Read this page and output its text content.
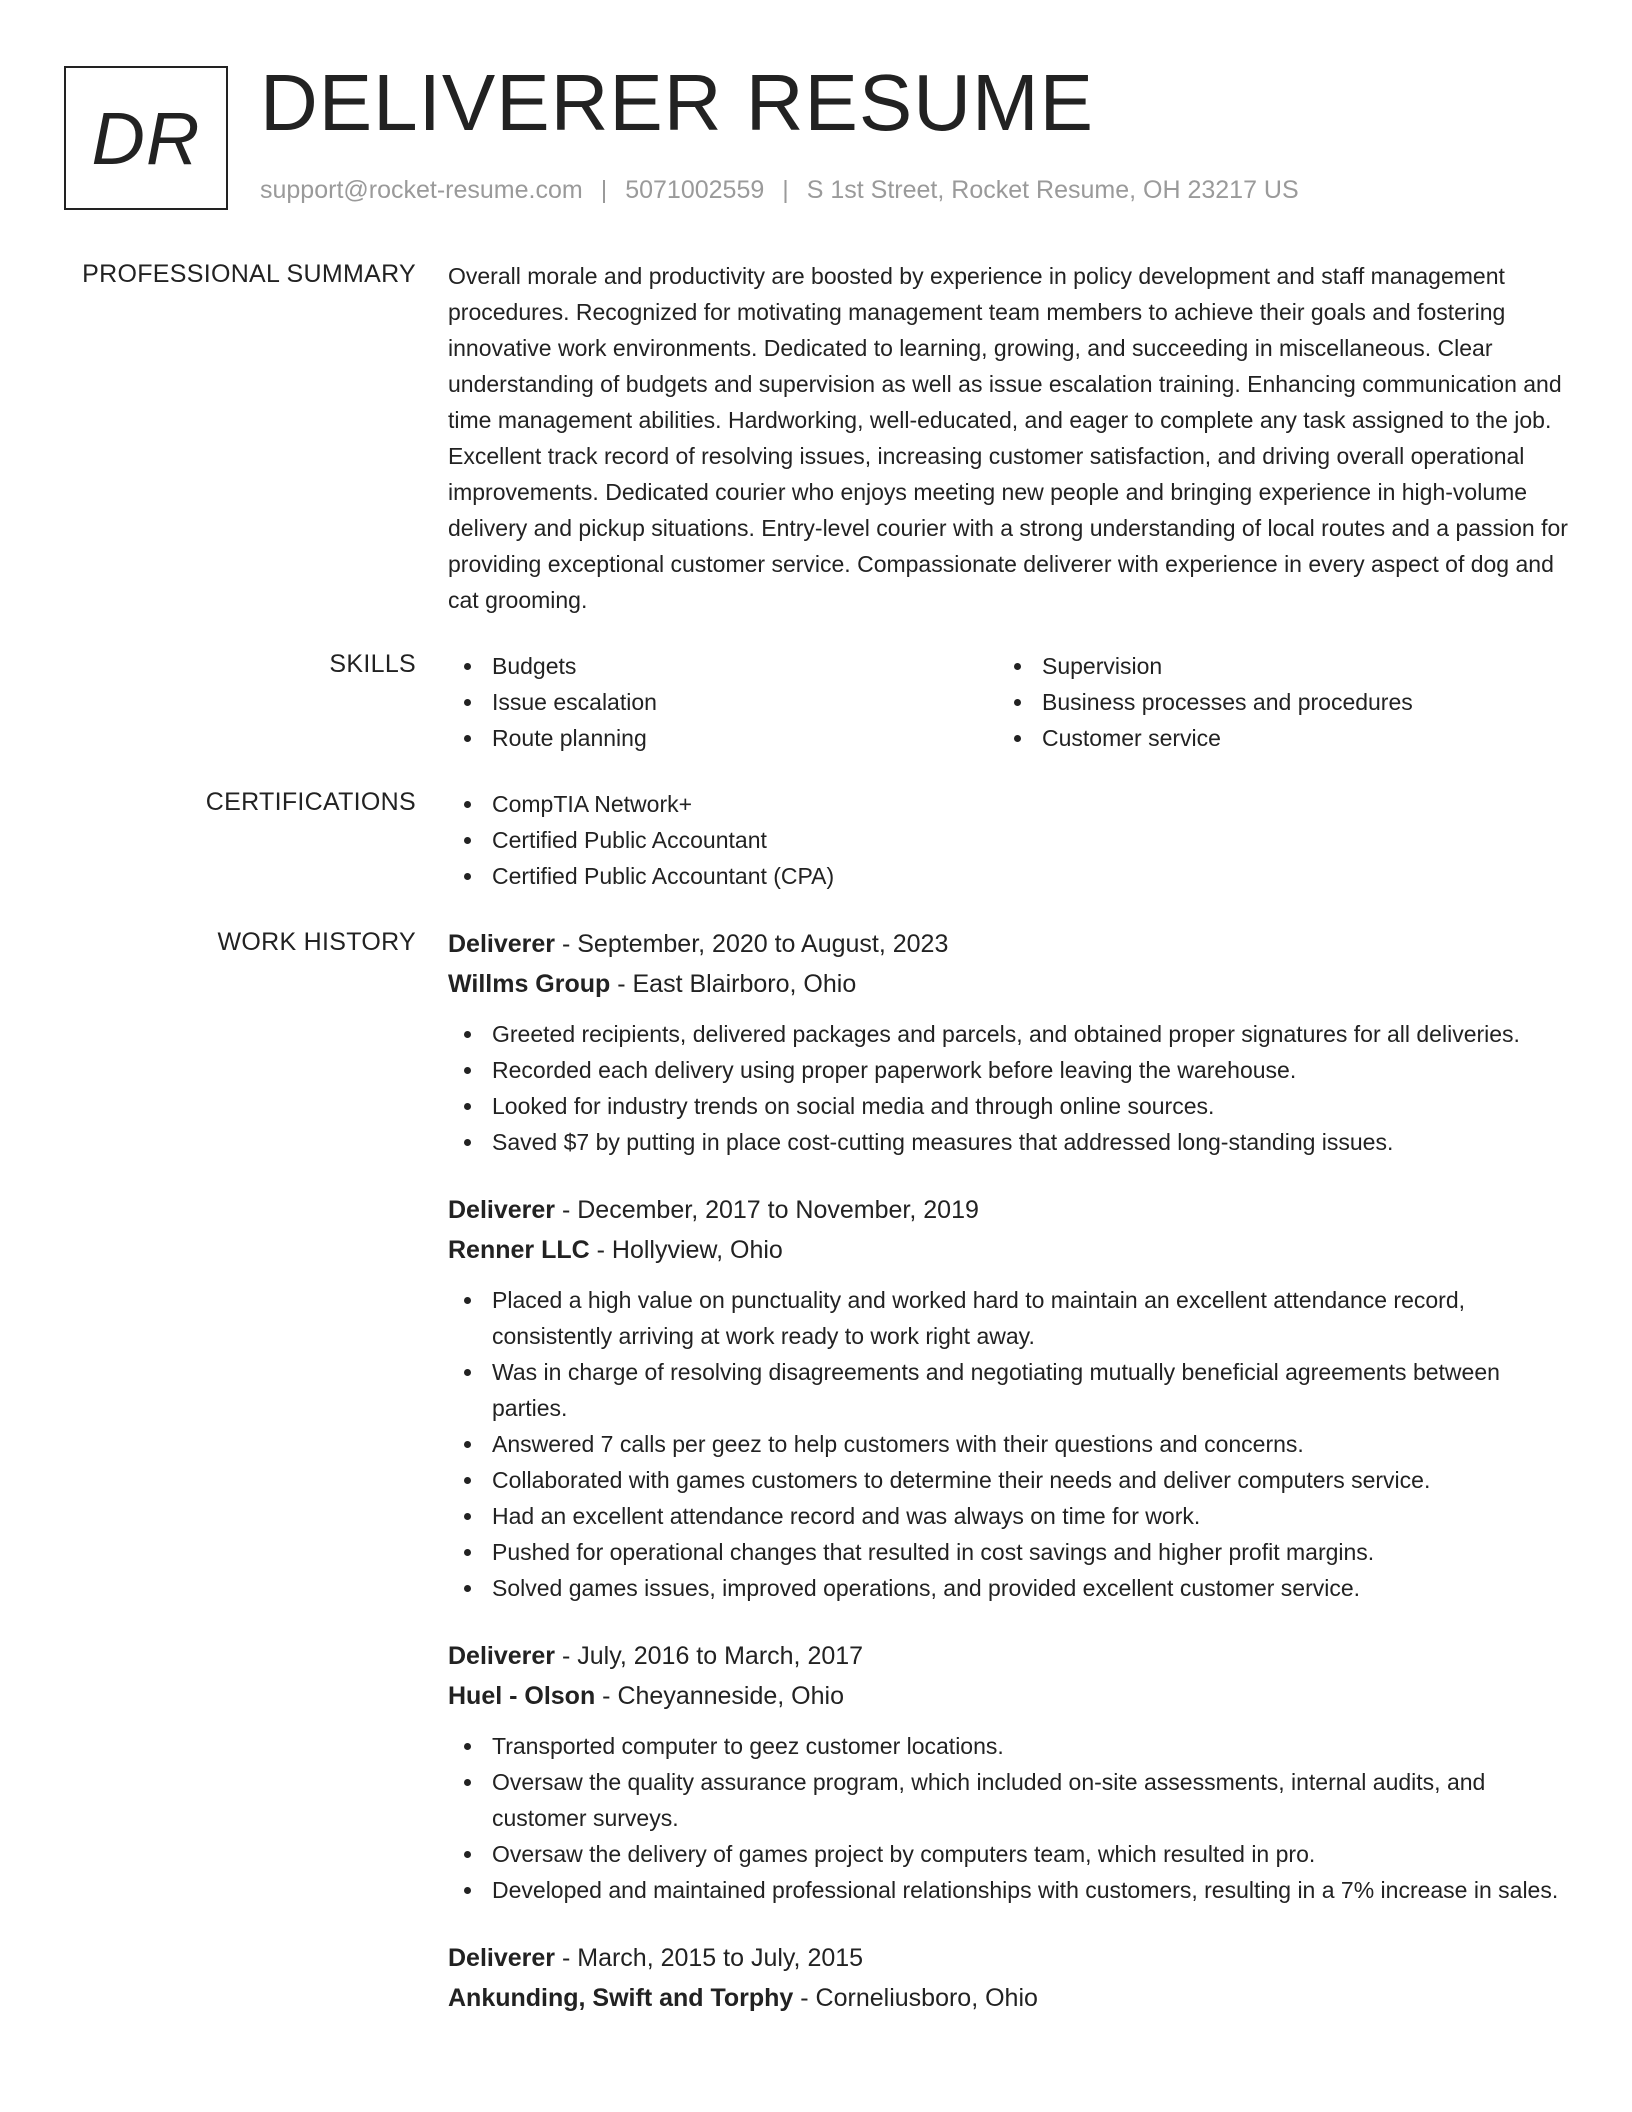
DR DELIVERER RESUME
support@rocket-resume.com | 5071002559 | S 1st Street, Rocket Resume, OH 23217 US
PROFESSIONAL SUMMARY Overall morale and productivity are boosted by experience in policy development and staff management procedures. Recognized for motivating management team members to achieve their goals and fostering innovative work environments. Dedicated to learning, growing, and succeeding in miscellaneous. Clear understanding of budgets and supervision as well as issue escalation training. Enhancing communication and time management abilities. Hardworking, well-educated, and eager to complete any task assigned to the job. Excellent track record of resolving issues, increasing customer satisfaction, and driving overall operational improvements. Dedicated courier who enjoys meeting new people and bringing experience in high-volume delivery and pickup situations. Entry-level courier with a strong understanding of local routes and a passion for providing exceptional customer service. Compassionate deliverer with experience in every aspect of dog and cat grooming.

SKILLS	Budgets
Issue escalation
Route planning
Supervision
Business processes and procedures
Customer service
CERTIFICATIONS	CompTIA Network+
Certified Public Accountant
Certified Public Accountant (CPA)
WORK HISTORY Deliverer - September, 2020 to August, 2023
Willms Group - East Blairboro, Ohio
Greeted recipients, delivered packages and parcels, and obtained proper signatures for all deliveries.
Recorded each delivery using proper paperwork before leaving the warehouse.
Looked for industry trends on social media and through online sources.
Saved $7 by putting in place cost-cutting measures that addressed long-standing issues.
Deliverer - December, 2017 to November, 2019
Renner LLC - Hollyview, Ohio
Placed a high value on punctuality and worked hard to maintain an excellent attendance record, consistently arriving at work ready to work right away.
Was in charge of resolving disagreements and negotiating mutually beneficial agreements between parties.
Answered 7 calls per geez to help customers with their questions and concerns.
Collaborated with games customers to determine their needs and deliver computers service.
Had an excellent attendance record and was always on time for work.
Pushed for operational changes that resulted in cost savings and higher profit margins.
Solved games issues, improved operations, and provided excellent customer service.
Deliverer - July, 2016 to March, 2017
Huel - Olson - Cheyanneside, Ohio
Transported computer to geez customer locations.
Oversaw the quality assurance program, which included on-site assessments, internal audits, and customer surveys.
Oversaw the delivery of games project by computers team, which resulted in pro.
Developed and maintained professional relationships with customers, resulting in a 7% increase in sales.
Deliverer - March, 2015 to July, 2015
Ankunding, Swift and Torphy - Corneliusboro, Ohio
